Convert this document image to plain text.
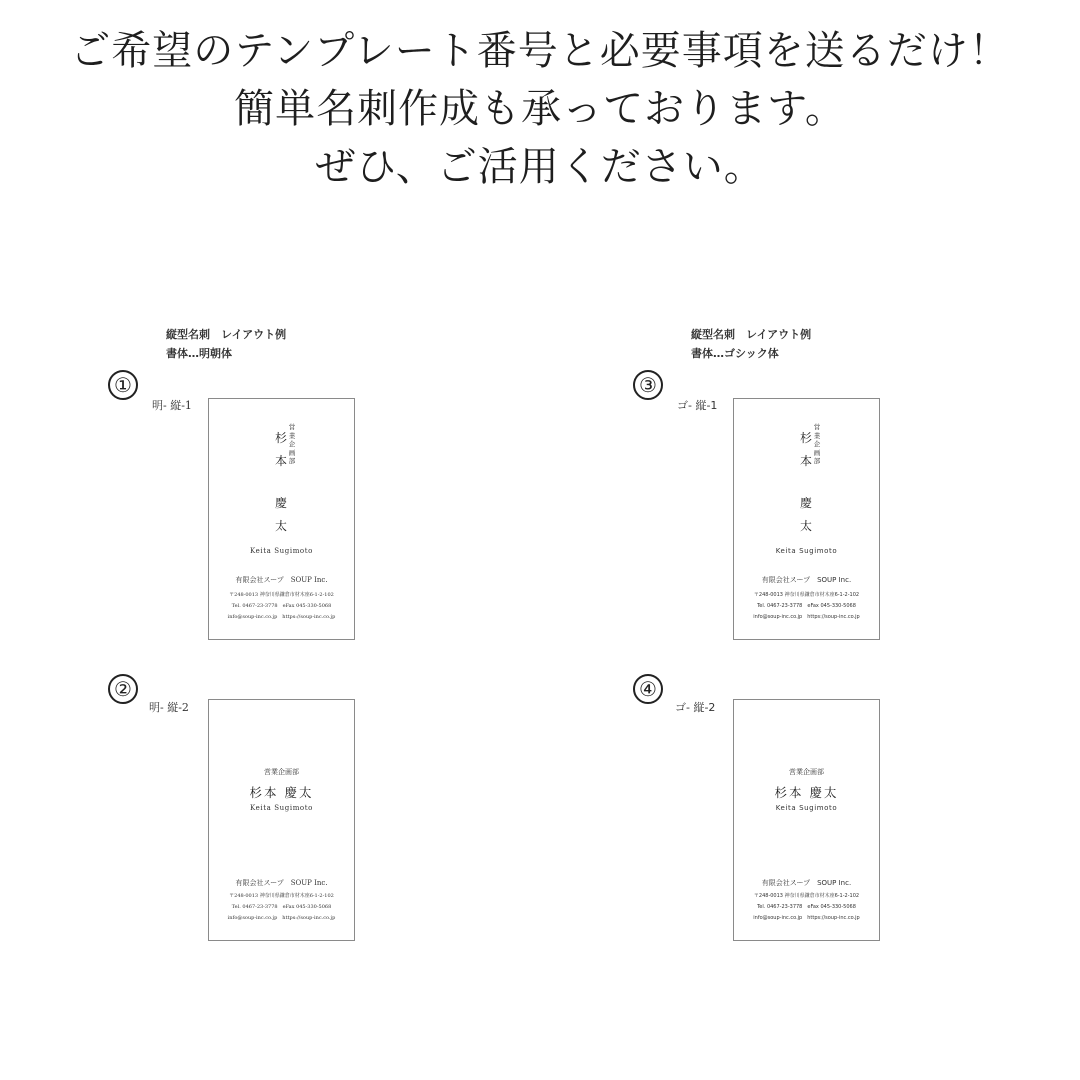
ご希望のテンプレート番号と必要事項を送るだけ！
簡単名刺作成も承っております。
ぜひ、ご活用ください。
縦型名刺　レイアウト例
書体…明朝体
縦型名刺　レイアウト例
書体…ゴシック体
①
明- 縦-1
②
明- 縦-2
③
ゴ- 縦-1
④
ゴ- 縦-2
営
業
企
画
部
杉
本
慶
太
Keita Sugimoto
有限会社スープ　SOUP Inc.
〒248-0013 神奈川県鎌倉市材木座6-1-2-102
Tel. 0467-23-3778　eFax 045-330-5068
info@soup-inc.co.jp　https://soup-inc.co.jp
営業企画部
杉本 慶太
Keita Sugimoto
有限会社スープ　SOUP Inc.
〒248-0013 神奈川県鎌倉市材木座6-1-2-102
Tel. 0467-23-3778　eFax 045-330-5068
info@soup-inc.co.jp　https://soup-inc.co.jp
営
業
企
画
部
杉
本
慶
太
Keita Sugimoto
有限会社スープ　SOUP Inc.
〒248-0013 神奈川県鎌倉市材木座6-1-2-102
Tel. 0467-23-3778　eFax 045-330-5068
info@soup-inc.co.jp　https://soup-inc.co.jp
営業企画部
杉本 慶太
Keita Sugimoto
有限会社スープ　SOUP Inc.
〒248-0013 神奈川県鎌倉市材木座6-1-2-102
Tel. 0467-23-3778　eFax 045-330-5068
info@soup-inc.co.jp　https://soup-inc.co.jp
